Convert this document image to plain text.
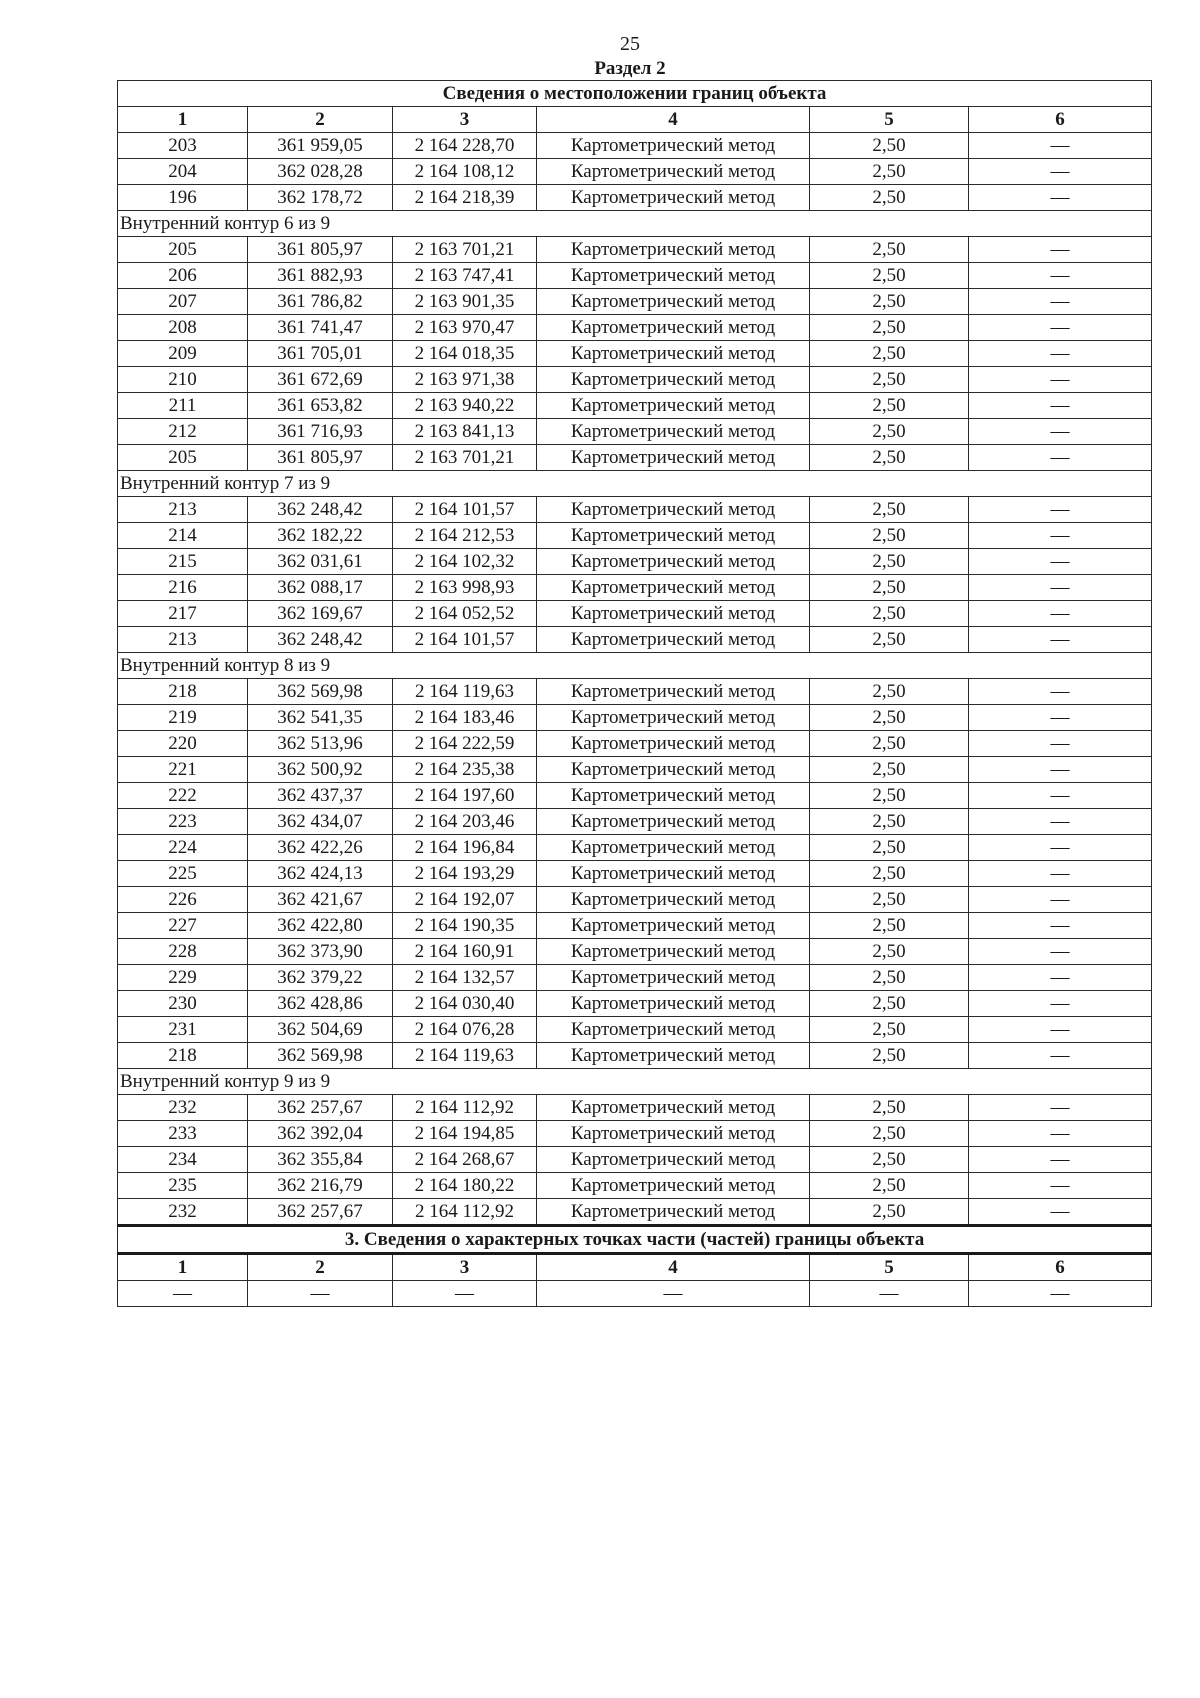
25
Раздел 2
Сведения о местоположении границ объекта					
1	2	3	4	5	6
203	361 959,05	2 164 228,70	Картометрический метод	2,50	—
204	362 028,28	2 164 108,12	Картометрический метод	2,50	—
196	362 178,72	2 164 218,39	Картометрический метод	2,50	—
Внутренний контур 6 из 9					
205	361 805,97	2 163 701,21	Картометрический метод	2,50	—
206	361 882,93	2 163 747,41	Картометрический метод	2,50	—
207	361 786,82	2 163 901,35	Картометрический метод	2,50	—
208	361 741,47	2 163 970,47	Картометрический метод	2,50	—
209	361 705,01	2 164 018,35	Картометрический метод	2,50	—
210	361 672,69	2 163 971,38	Картометрический метод	2,50	—
211	361 653,82	2 163 940,22	Картометрический метод	2,50	—
212	361 716,93	2 163 841,13	Картометрический метод	2,50	—
205	361 805,97	2 163 701,21	Картометрический метод	2,50	—
Внутренний контур 7 из 9					
213	362 248,42	2 164 101,57	Картометрический метод	2,50	—
214	362 182,22	2 164 212,53	Картометрический метод	2,50	—
215	362 031,61	2 164 102,32	Картометрический метод	2,50	—
216	362 088,17	2 163 998,93	Картометрический метод	2,50	—
217	362 169,67	2 164 052,52	Картометрический метод	2,50	—
213	362 248,42	2 164 101,57	Картометрический метод	2,50	—
Внутренний контур 8 из 9					
218	362 569,98	2 164 119,63	Картометрический метод	2,50	—
219	362 541,35	2 164 183,46	Картометрический метод	2,50	—
220	362 513,96	2 164 222,59	Картометрический метод	2,50	—
221	362 500,92	2 164 235,38	Картометрический метод	2,50	—
222	362 437,37	2 164 197,60	Картометрический метод	2,50	—
223	362 434,07	2 164 203,46	Картометрический метод	2,50	—
224	362 422,26	2 164 196,84	Картометрический метод	2,50	—
225	362 424,13	2 164 193,29	Картометрический метод	2,50	—
226	362 421,67	2 164 192,07	Картометрический метод	2,50	—
227	362 422,80	2 164 190,35	Картометрический метод	2,50	—
228	362 373,90	2 164 160,91	Картометрический метод	2,50	—
229	362 379,22	2 164 132,57	Картометрический метод	2,50	—
230	362 428,86	2 164 030,40	Картометрический метод	2,50	—
231	362 504,69	2 164 076,28	Картометрический метод	2,50	—
218	362 569,98	2 164 119,63	Картометрический метод	2,50	—
Внутренний контур 9 из 9					
232	362 257,67	2 164 112,92	Картометрический метод	2,50	—
233	362 392,04	2 164 194,85	Картометрический метод	2,50	—
234	362 355,84	2 164 268,67	Картометрический метод	2,50	—
235	362 216,79	2 164 180,22	Картометрический метод	2,50	—
232	362 257,67	2 164 112,92	Картометрический метод	2,50	—
3. Сведения о характерных точках части (частей) границы объекта					
1	2	3	4	5	6
—	—	—	—	—	—
